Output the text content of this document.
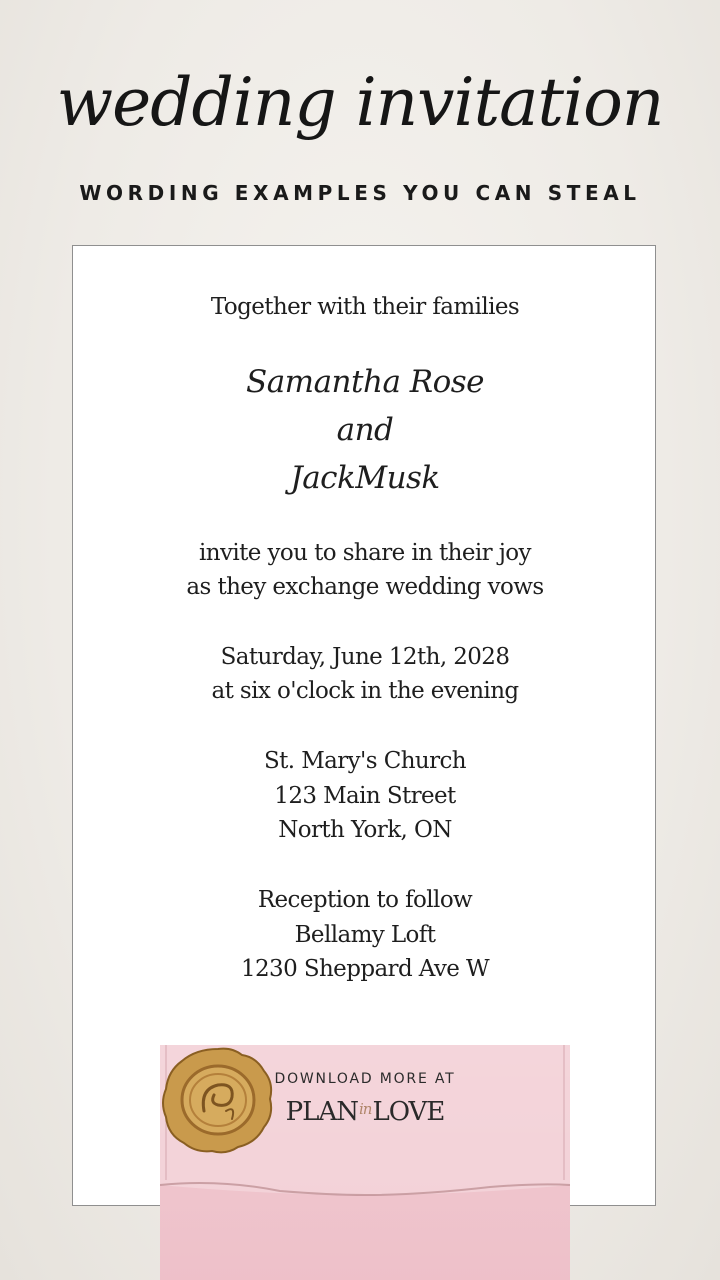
wedding invitation
WORDING EXAMPLES YOU CAN STEAL
Together with their families
Samantha Rose
and
JackMusk
invite you to share in their joy
as they exchange wedding vows
Saturday, June 12th, 2028
at six o'clock in the evening
St. Mary's Church
123 Main Street
North York, ON
Reception to follow
Bellamy Loft
1230 Sheppard Ave W
DOWNLOAD MORE AT
$PLAN^{in}LOVE$
